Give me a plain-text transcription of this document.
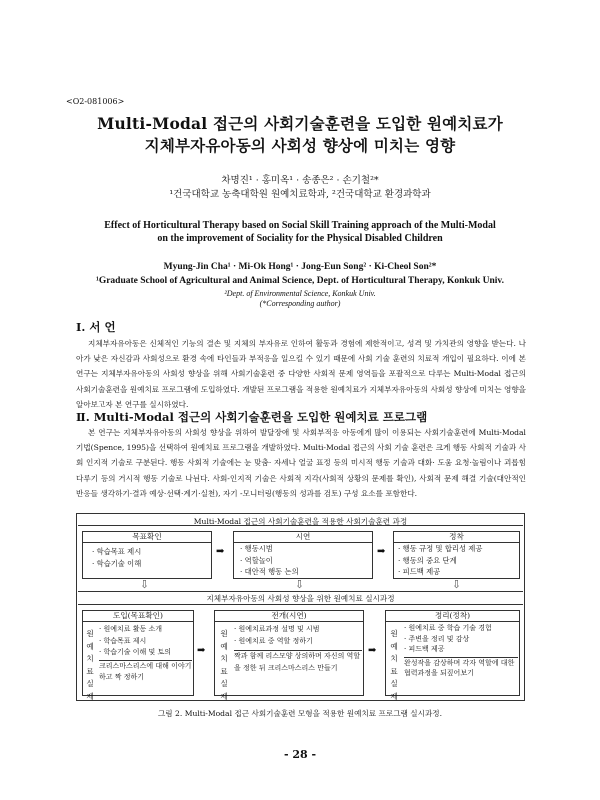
<O2-081006>
Multi-Modal 접근의 사회기술훈련을 도입한 원예치료가
지체부자유아동의 사회성 향상에 미치는 영향
차명진¹ · 홍미옥¹ · 송종은² · 손기철²*
¹건국대학교 농축대학원 원예치료학과, ²건국대학교 환경과학과
Effect of Horticultural Therapy based on Social Skill Training approach of the Multi-Modal
on the improvement of Sociality for the Physical Disabled Children
Myung-Jin Cha¹ · Mi-Ok Hong¹ · Jong-Eun Song² · Ki-Cheol Son²*
¹Graduate School of Agricultural and Animal Science, Dept. of Horticultural Therapy, Konkuk Univ.
²Dept. of Environmental Science, Konkuk Univ.
(*Corresponding author)
Ⅰ. 서 언
지체부자유아동은 신체적인 기능의 결손 및 지체의 부자유로 인하여 활동과 경험에 제한적이고, 성격 및 가치관의 영향을 받는다. 나아가 낮은 자신감과 사회성으로 환경 속에 타인들과 부적응을 일으킬 수 있기 때문에 사회 기술 훈련의 치료적 개입이 필요하다. 이에 본 연구는 지체부자유아동의 사회성 향상을 위해 사회기술훈련 중 다양한 사회적 문제 영역들을 포괄적으로 다루는 Multi-Modal 접근의 사회기술훈련을 원예치료 프로그램에 도입하였다. 개발된 프로그램을 적용한 원예치료가 지체부자유아동의 사회성 향상에 미치는 영향을 알아보고자 본 연구를 실시하였다.
Ⅱ. Multi-Modal 접근의 사회기술훈련을 도입한 원예치료 프로그램
본 연구는 지체부자유아동의 사회성 향상을 위하여 발달장애 및 사회부적응 아동에게 많이 이용되는 사회기술훈련에 Multi-Modal 기법(Spence, 1995)을 선택하여 원예치료 프로그램을 개발하였다. Multi-Modal 접근의 사회 기술 훈련은 크게 행동 사회적 기술과 사회 인지적 기술로 구분된다. 행동 사회적 기술에는 눈 맞춤· 자세나 얼굴 표정 등의 미시적 행동 기술과 대화· 도움 요청·놀림이나 괴롭힘 다루기 등의 거시적 행동 기술로 나뉜다. 사회-인지적 기술은 사회적 지각(사회적 상황의 문제를 확인), 사회적 문제 해결 기술(대안적인 반응들 생각하기·결과 예상·선택·계기·실천), 자기 -모니터링(행동의 성과를 검토) 구성 요소를 포함한다.
Multi-Modal 접근의 사회기술훈련을 적용한 사회기술훈련 과정
목표확인
· 학습목표 제시
· 학습기술 이해
➡
시연
· 행동시범
· 역할놀이
· 대안적 행동 논의
➡
정착
· 행동 규정 및 합리성 제공
· 행동의 중요 단계
· 피드백 제공
⇩	⇩	⇩
지체부자유아동의 사회성 향상을 위한 원예치료 실시과정
도입(목표확인)
원예치료실제
· 원예치료 활동 소개
· 학습목표 제시
· 학습기술 이해 및 토의
크리스마스리스에 대해 이야기하고 짝 정하기
➡
전개(시연)
원예치료실제
· 원예치료과정 설명 및 시범
· 원예치료 중 역할 정하기
짝과 함께 리스모양 상의하며 자신의 역할을 정한 뒤 크리스마스리스 만들기
➡
정리(정착)
원예치료실제
· 원예치료 중 학습 기술 경험
· 주변을 정리 및 감상
· 피드백 제공
완성작을 감상하며 각자 역할에 대한 협력과정을 되짚어보기
그림 2. Multi-Modal 접근 사회기술훈련 모형을 적용한 원예치료 프로그램 실시과정.
- 28 -
